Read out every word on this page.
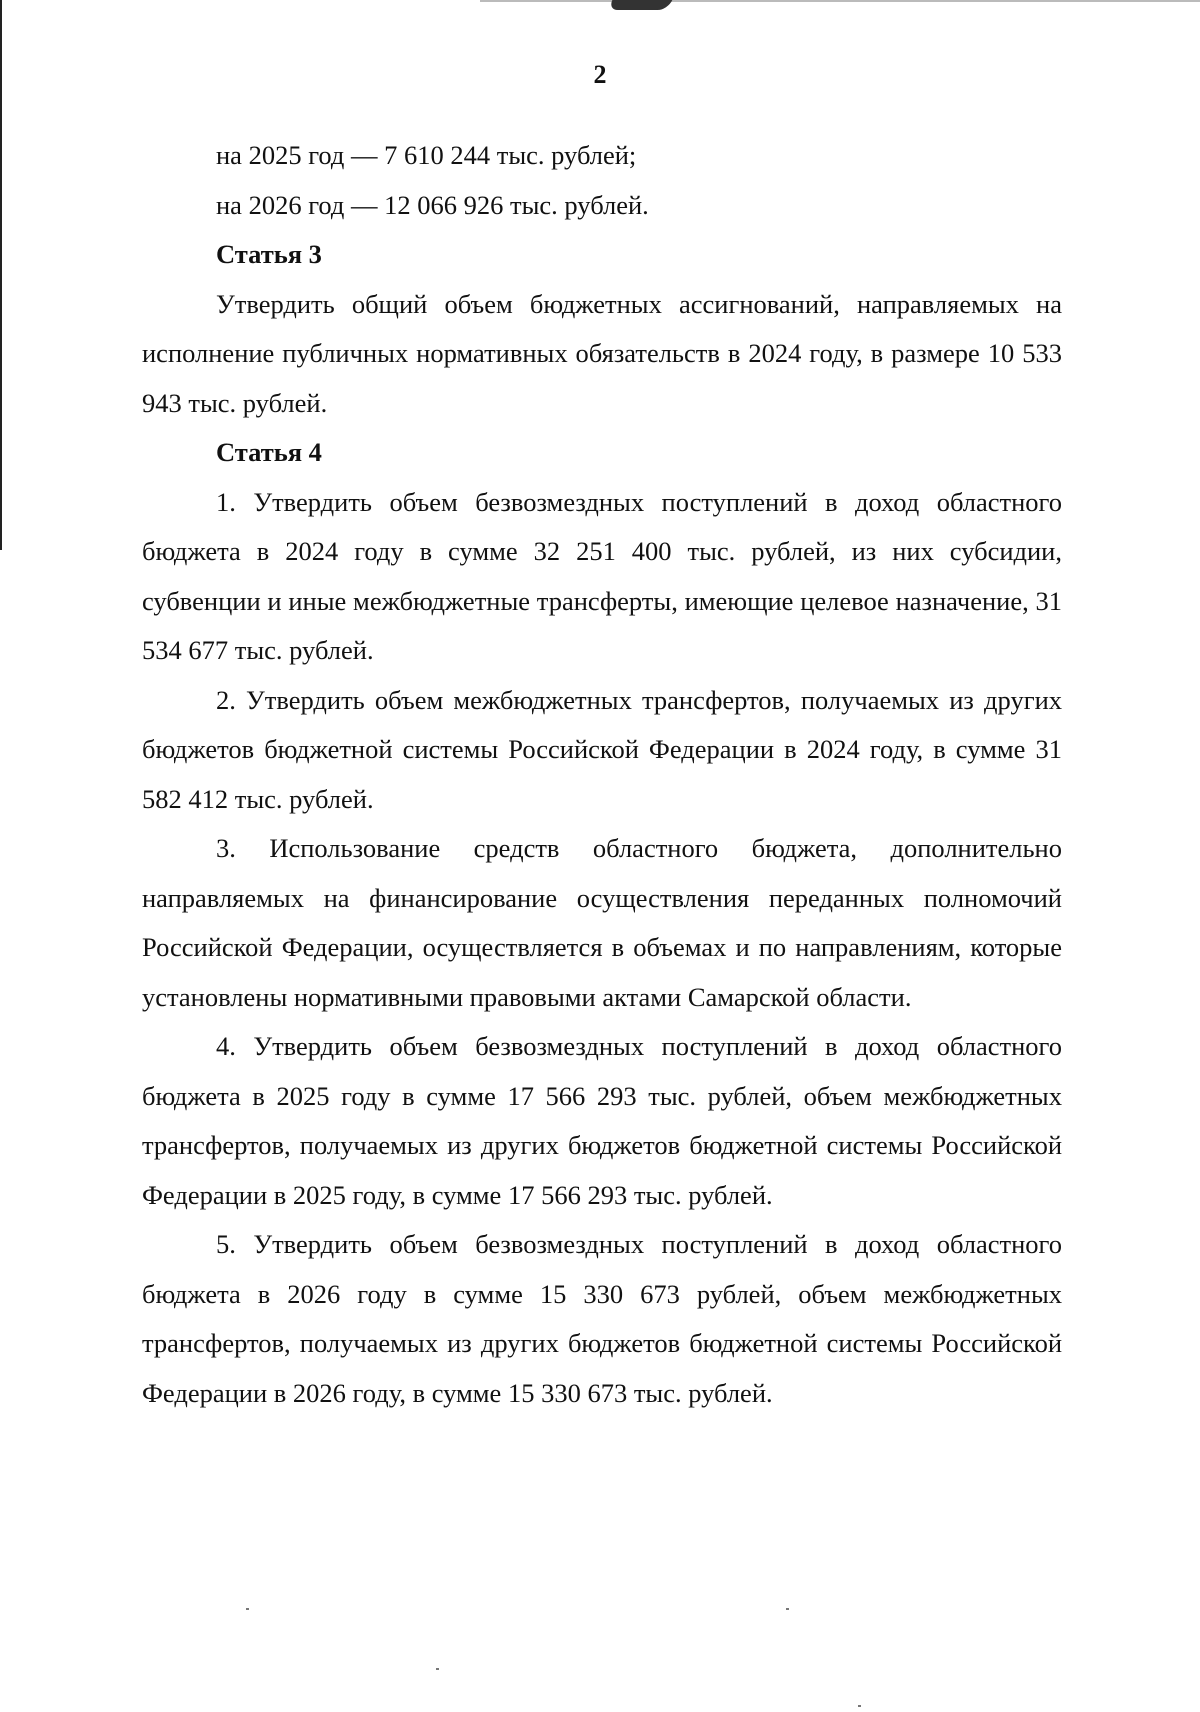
2

на 2025 год — 7 610 244 тыс. рублей;

на 2026 год — 12 066 926 тыс. рублей.

Статья 3

Утвердить общий объем бюджетных ассигнований, направляемых на исполнение публичных нормативных обязательств в 2024 году, в размере 10 533 943 тыс. рублей.

Статья 4

1. Утвердить объем безвозмездных поступлений в доход областного бюджета в 2024 году в сумме 32 251 400 тыс. рублей, из них субсидии, субвенции и иные межбюджетные трансферты, имеющие целевое назначение, 31 534 677 тыс. рублей.

2. Утвердить объем межбюджетных трансфертов, получаемых из других бюджетов бюджетной системы Российской Федерации в 2024 году, в сумме 31 582 412 тыс. рублей.

3. Использование средств областного бюджета, дополнительно направляемых на финансирование осуществления переданных полномочий Российской Федерации, осуществляется в объемах и по направлениям, которые установлены нормативными правовыми актами Самарской области.

4. Утвердить объем безвозмездных поступлений в доход областного бюджета в 2025 году в сумме 17 566 293 тыс. рублей, объем межбюджетных трансфертов, получаемых из других бюджетов бюджетной системы Российской Федерации в 2025 году, в сумме 17 566 293 тыс. рублей.

5. Утвердить объем безвозмездных поступлений в доход областного бюджета в 2026 году в сумме 15 330 673 рублей, объем межбюджетных трансфертов, получаемых из других бюджетов бюджетной системы Российской Федерации в 2026 году, в сумме 15 330 673 тыс. рублей.
